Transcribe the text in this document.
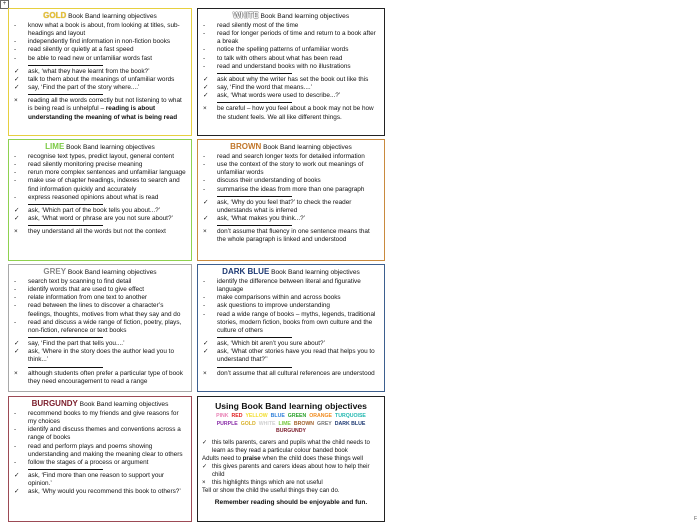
+
GOLD Book Band learning objectives
-	know what a book is about, from looking at titles, sub-headings and layout
-	independently find information in non-fiction books
-	read silently or quietly at a fast speed
-	be able to read new or unfamiliar words fast
✓	ask, ‘what they have learnt from the book?’
✓	talk to them about the meanings of unfamiliar words
✓	say, ‘Find the part of the story where....’
×	reading all the words correctly but not listening to what is being read is unhelpful – reading is about understanding the meaning of what is being read
WHITE Book Band learning objectives
-	read silently most of the time
-	read for longer periods of time and return to a book after a break
-	notice the spelling patterns of unfamiliar words
-	to talk with others about what has been read
-	read and understand books with no illustrations
✓	ask about why the writer has set the book out like this
✓	say, ‘Find the word that means....’
✓	ask, ‘What words were used to describe...?’
×	be careful – how you feel about a book may not be how the student feels. We all like different things.
LIME Book Band learning objectives
-	recognise text types, predict layout, general content
-	read silently monitoring precise meaning
-	rerun more complex sentences and unfamiliar language
-	make use of chapter headings, indexes to search and find information quickly and accurately
-	express reasoned opinions about what is read
✓	ask, ‘Which part of the book tells you about...?’
✓	ask, ‘What word or phrase are you not sure about?’
×	they understand all the words but not the context
BROWN Book Band learning objectives
-	read and search longer texts for detailed information
-	use the context of the story to work out meanings of unfamiliar words
-	discuss their understanding of books
-	summarise the ideas from more than one paragraph
✓	ask, ‘Why do you feel that?’ to check the reader understands what is inferred
✓	ask, ‘What makes you think...?’
×	don’t assume that fluency in one sentence means that the whole paragraph is linked and understood
GREY Book Band learning objectives
-	search text by scanning to find detail
-	identify words that are used to give effect
-	relate information from one text to another
-	read between the lines to discover a character’s feelings, thoughts, motives from what they say and do
-	read and discuss a wide range of fiction, poetry, plays, non-fiction, reference or text books
✓	say, ‘Find the part that tells you....’
✓	ask, ‘Where in the story does the author lead you to think...’
×	although students often prefer a particular type of book they need encouragement to read a range
DARK BLUE Book Band learning objectives
-	identify the difference between literal and figurative language
-	make comparisons within and across books
-	ask questions to improve understanding
-	read a wide range of books – myths, legends, traditional stories, modern fiction, books from own culture and the culture of others
✓	ask, ‘Which bit aren’t you sure about?’
✓	ask, ‘What other stories have you read that helps you to understand that?’’
×	don’t assume that all cultural references are understood
BURGUNDY Book Band learning objectives
-	recommend books to my friends and give reasons for my choices
-	identify and discuss themes and conventions across a range of books
-	read and perform plays and poems showing understanding and making the meaning clear to others
-	follow the stages of a process or argument
✓	ask, ‘Find more than one reason to support your opinion.’
✓	ask, ‘Why would you recommend this book to others?’
Using Book Band learning objectives
PINK RED YELLOW BLUE GREEN ORANGE TURQUOISE
PURPLE GOLD WHITE LIME BROWN GREY DARK BLUE
BURGUNDY
✓ this tells parents, carers and pupils what the child needs to learn as they read a particular colour banded book
Adults need to praise when the child does these things well
✓ this gives parents and carers ideas about how to help their child
× this highlights things which are not useful
Tell or show the child the useful things they can do.
Remember reading should be enjoyable and fun.
F
